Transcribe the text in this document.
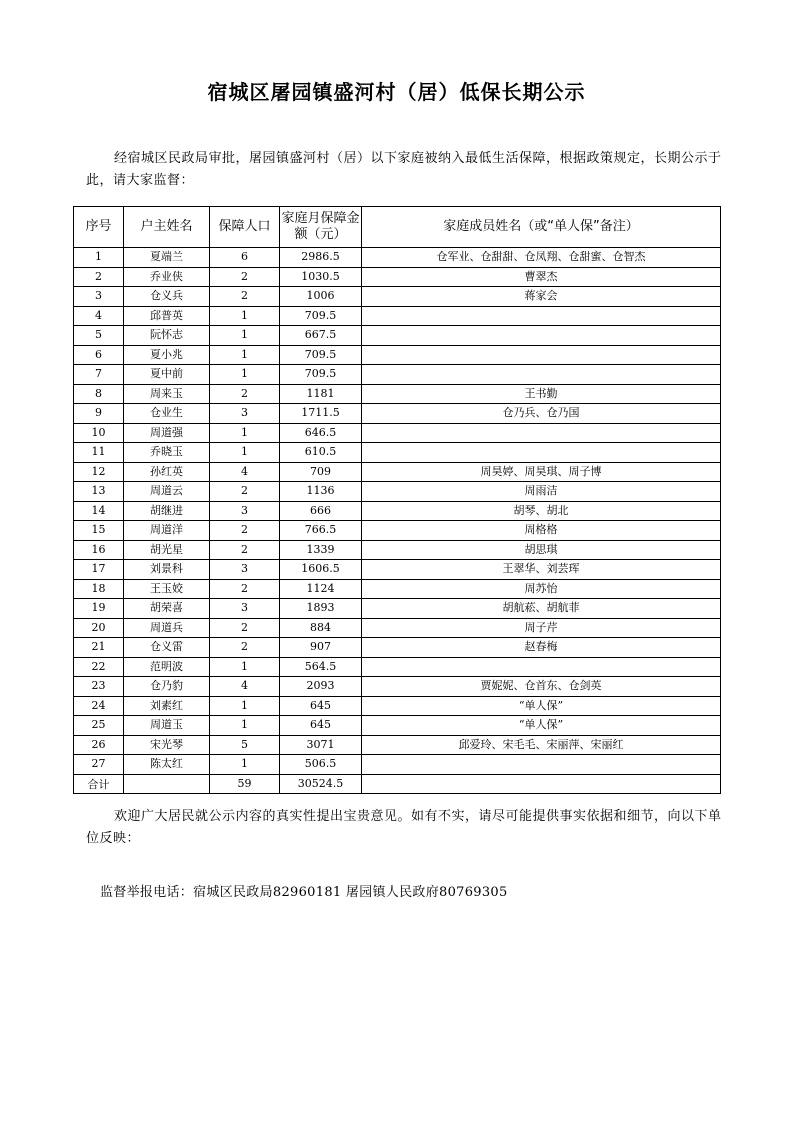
宿城区屠园镇盛河村（居）低保长期公示
经宿城区民政局审批，屠园镇盛河村（居）以下家庭被纳入最低生活保障，根据政策规定，长期公示于此，请大家监督：
序号	户主姓名	保障人口	家庭月保障金额（元）	家庭成员姓名（或“单人保”备注）
1	夏端兰	6	2986.5	仓军业、仓甜甜、仓凤翔、仓甜蜜、仓智杰
2	乔业侠	2	1030.5	曹翠杰
3	仓义兵	2	1006	蒋家会
4	邱普英	1	709.5	
5	阮怀志	1	667.5	
6	夏小兆	1	709.5	
7	夏中前	1	709.5	
8	周来玉	2	1181	王书勤
9	仓业生	3	1711.5	仓乃兵、仓乃国
10	周道强	1	646.5	
11	乔晓玉	1	610.5	
12	孙红英	4	709	周昊婷、周昊琪、周子博
13	周道云	2	1136	周雨洁
14	胡继进	3	666	胡琴、胡北
15	周道洋	2	766.5	周格格
16	胡光星	2	1339	胡思琪
17	刘景科	3	1606.5	王翠华、刘芸珲
18	王玉姣	2	1124	周苏怡
19	胡荣喜	3	1893	胡航菘、胡航菲
20	周道兵	2	884	周子芹
21	仓义雷	2	907	赵春梅
22	范明波	1	564.5	
23	仓乃豹	4	2093	贾妮妮、仓首东、仓剑英
24	刘素红	1	645	“单人保”
25	周道玉	1	645	“单人保”
26	宋光琴	5	3071	邱爱玲、宋毛毛、宋丽萍、宋丽红
27	陈太红	1	506.5	
合计		59	30524.5	
欢迎广大居民就公示内容的真实性提出宝贵意见。如有不实，请尽可能提供事实依据和细节，向以下单位反映：
监督举报电话：宿城区民政局82960181 屠园镇人民政府80769305
